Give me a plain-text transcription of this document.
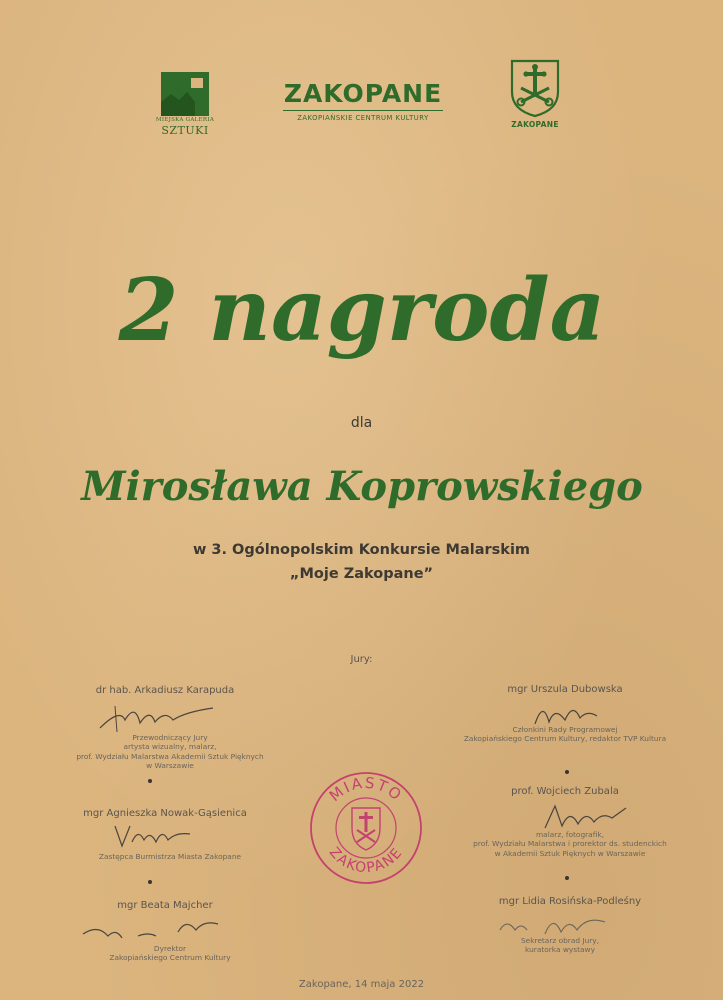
MIEJSKA GALERIA
SZTUKI
ZAKOPANE
ZAKOPIAŃSKIE CENTRUM KULTURY
ZAKOPANE
2 nagroda
dla
Mirosława Koprowskiego
w 3. Ogólnopolskim Konkursie Malarskim
„Moje Zakopane”
Jury:
dr hab. Arkadiusz Karapuda
Przewodniczący Jury
artysta wizualny, malarz,
prof. Wydziału Malarstwa Akademii Sztuk Pięknych
w Warszawie
mgr Urszula Dubowska
Członkini Rady Programowej
Zakopiańskiego Centrum Kultury, redaktor TVP Kultura
mgr Agnieszka Nowak-Gąsienica
Zastępca Burmistrza Miasta Zakopane
prof. Wojciech Zubala
malarz, fotografik,
prof. Wydziału Malarstwa i prorektor ds. studenckich
w Akademii Sztuk Pięknych w Warszawie
mgr Beata Majcher
Dyrektor
Zakopiańskiego Centrum Kultury
mgr Lidia Rosińska-Podleśny
Sekretarz obrad Jury,
kuratorka wystawy
MIASTO
ZAKOPANE
Zakopane, 14 maja 2022
